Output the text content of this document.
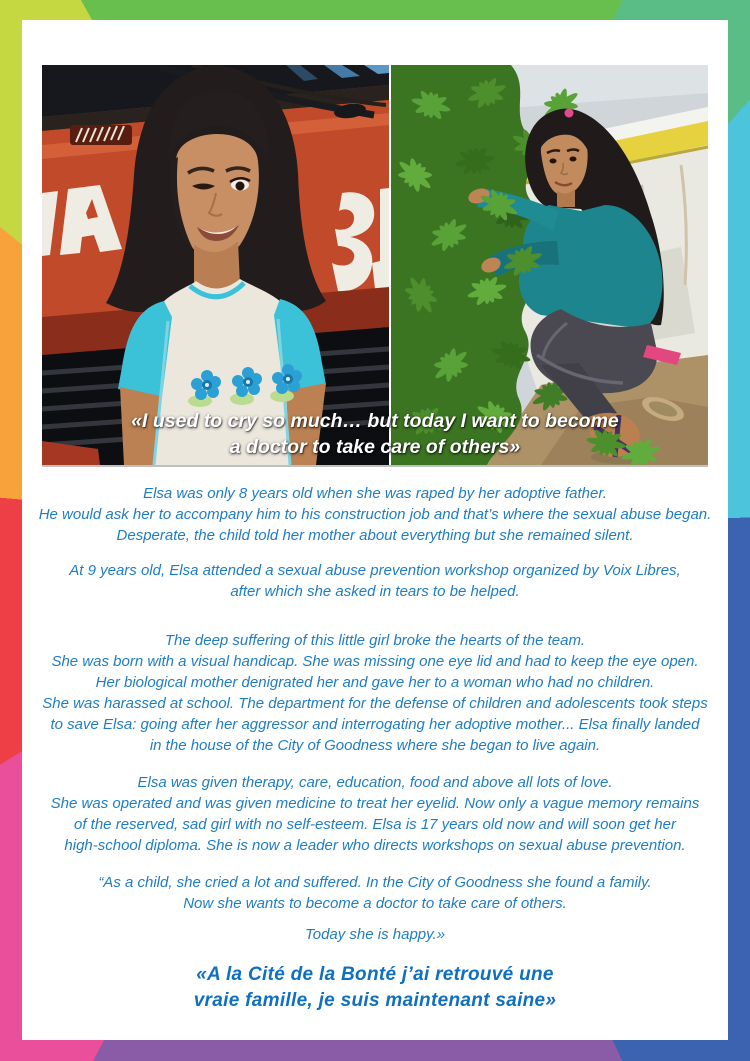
«I used to cry so much… but today I want to become
a doctor to take care of others»

Elsa was only 8 years old when she was raped by her adoptive father.
He would ask her to accompany him to his construction job and that’s where the sexual abuse began.
Desperate, the child told her mother about everything but she remained silent.

At 9 years old, Elsa attended a sexual abuse prevention workshop organized by Voix Libres,
after which she asked in tears to be helped.

The deep suffering of this little girl broke the hearts of the team.
She was born with a visual handicap. She was missing one eye lid and had to keep the eye open.
Her biological mother denigrated her and gave her to a woman who had no children.
She was harassed at school. The department for the defense of children and adolescents took steps
to save Elsa: going after her aggressor and interrogating her adoptive mother... Elsa finally landed
in the house of the City of Goodness where she began to live again.

Elsa was given therapy, care, education, food and above all lots of love.
She was operated and was given medicine to treat her eyelid. Now only a vague memory remains
of the reserved, sad girl with no self-esteem. Elsa is 17 years old now and will soon get her
high-school diploma. She is now a leader who directs workshops on sexual abuse prevention.

“As a child, she cried a lot and suffered. In the City of Goodness she found a family.
Now she wants to become a doctor to take care of others.

Today she is happy.»

«A la Cité de la Bonté j’ai retrouvé une
vraie famille, je suis maintenant saine»
